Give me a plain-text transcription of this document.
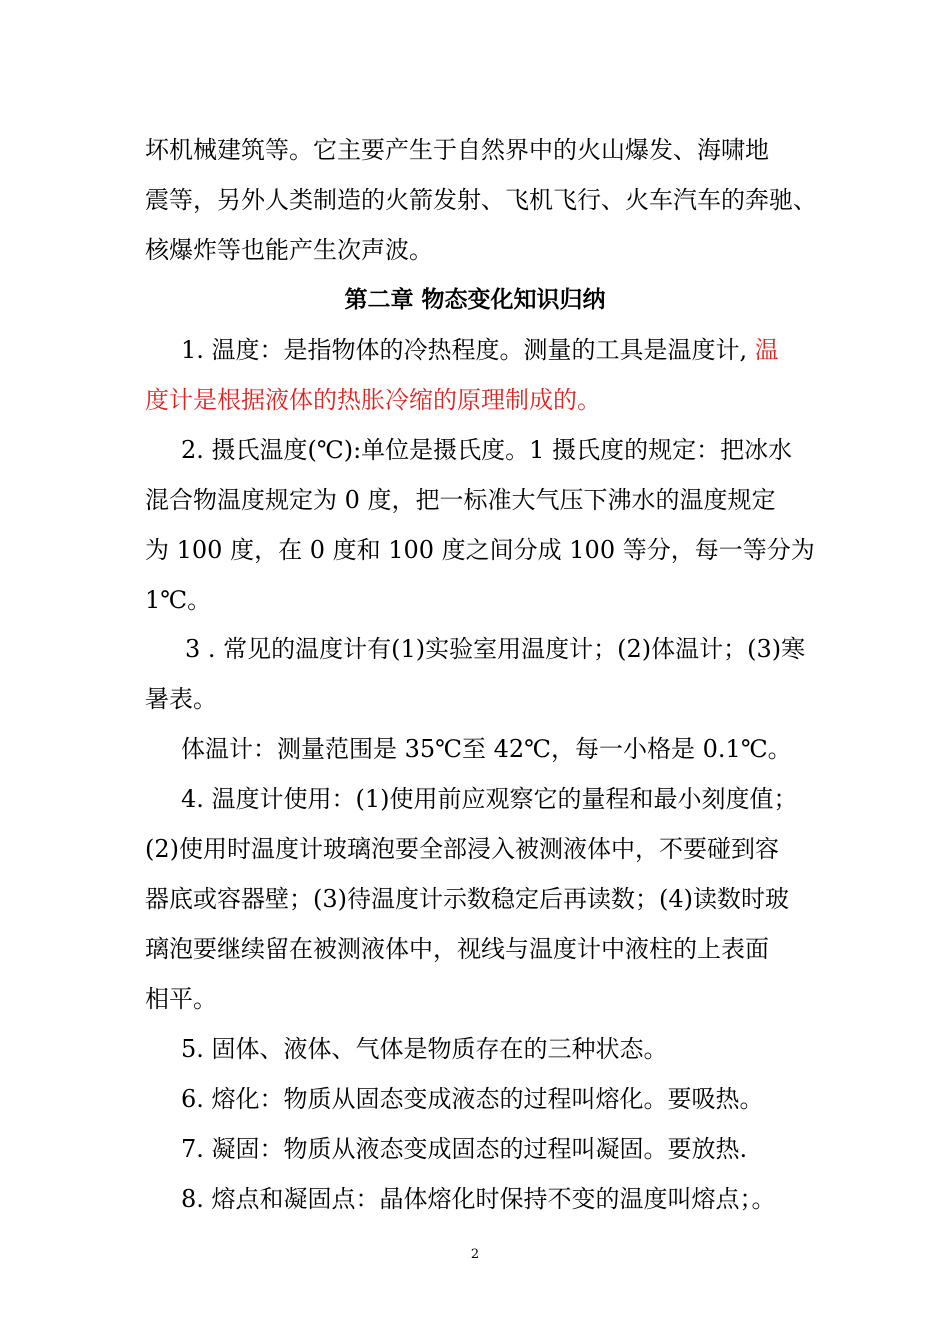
坏机械建筑等。它主要产生于自然界中的火山爆发、海啸地
震等，另外人类制造的火箭发射、飞机飞行、火车汽车的奔驰、
核爆炸等也能产生次声波。
第二章 物态变化知识归纳
1. 温度：是指物体的冷热程度。测量的工具是温度计, 温
度计是根据液体的热胀冷缩的原理制成的。
2. 摄氏温度(℃):单位是摄氏度。1 摄氏度的规定：把冰水
混合物温度规定为 0 度，把一标准大气压下沸水的温度规定
为 100 度，在 0 度和 100 度之间分成 100 等分，每一等分为
1℃。
3 . 常见的温度计有(1)实验室用温度计；(2)体温计；(3)寒
暑表。
体温计：测量范围是 35℃至 42℃，每一小格是 0.1℃。
4. 温度计使用：(1)使用前应观察它的量程和最小刻度值；
(2)使用时温度计玻璃泡要全部浸入被测液体中，不要碰到容
器底或容器壁；(3)待温度计示数稳定后再读数；(4)读数时玻
璃泡要继续留在被测液体中，视线与温度计中液柱的上表面
相平。
5. 固体、液体、气体是物质存在的三种状态。
6. 熔化：物质从固态变成液态的过程叫熔化。要吸热。
7. 凝固：物质从液态变成固态的过程叫凝固。要放热.
8. 熔点和凝固点：晶体熔化时保持不变的温度叫熔点；。
2
